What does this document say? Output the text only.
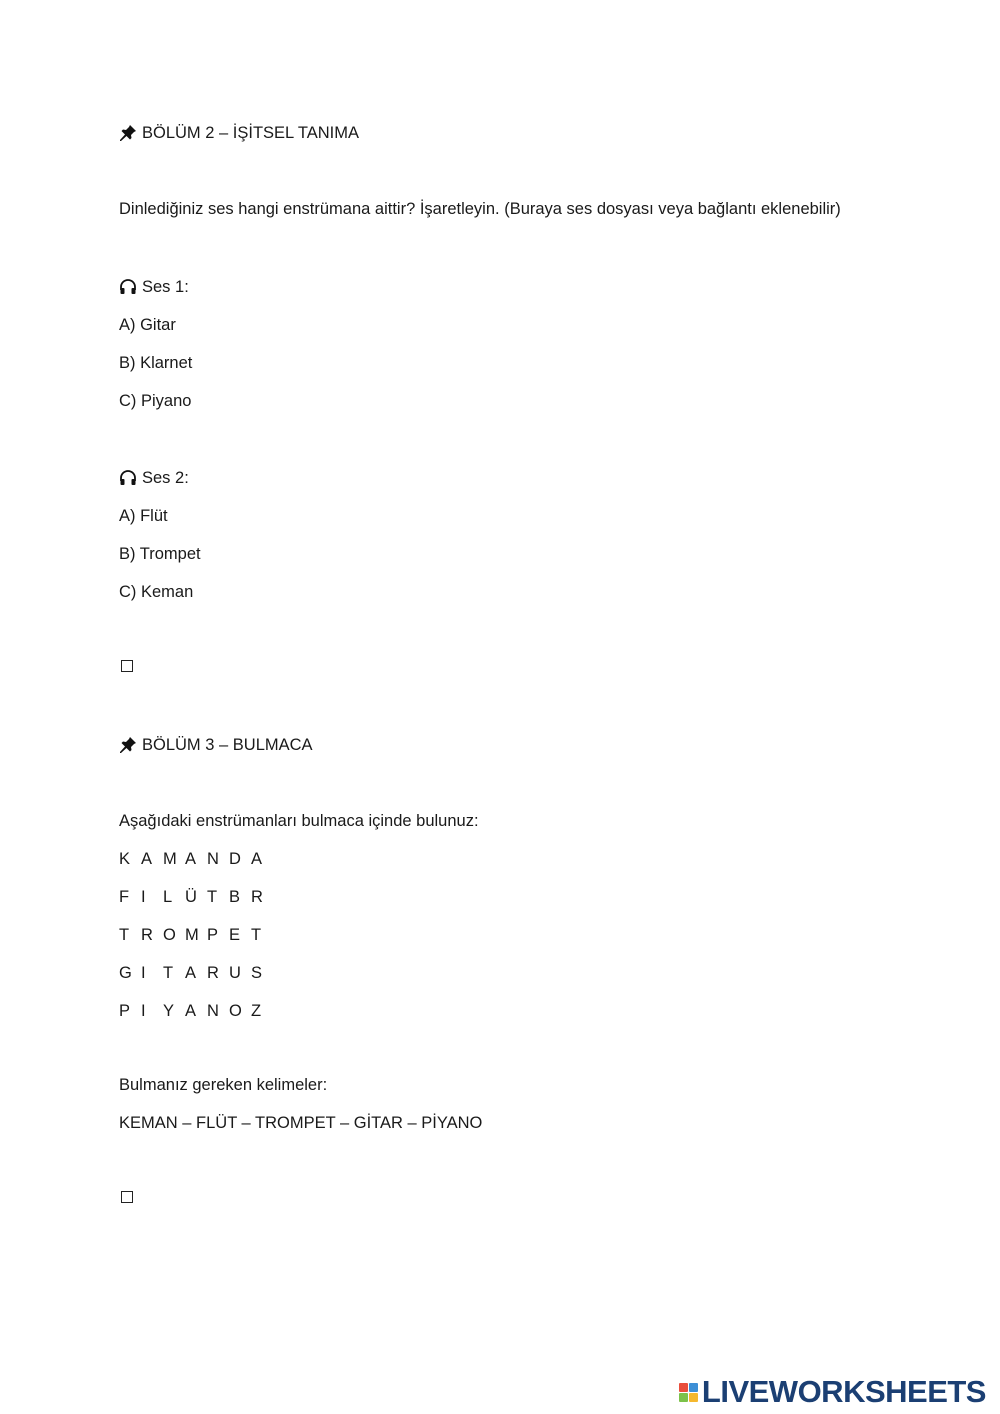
BÖLÜM 2 – İŞİTSEL TANIMA
Dinlediğiniz ses hangi enstrümana aittir? İşaretleyin. (Buraya ses dosyası veya bağlantı eklenebilir)
Ses 1:
A) Gitar
B) Klarnet
C) Piyano
Ses 2:
A) Flüt
B) Trompet
C) Keman
BÖLÜM 3 – BULMACA
Aşağıdaki enstrümanları bulmaca içinde bulunuz:
K A M A N D A
F I L Ü T B R
T R O M P E T
G I T A R U S
P I Y A N O Z
Bulmanız gereken kelimeler:
KEMAN – FLÜT – TROMPET – GİTAR – PİYANO
LIVEWORKSHEETS
